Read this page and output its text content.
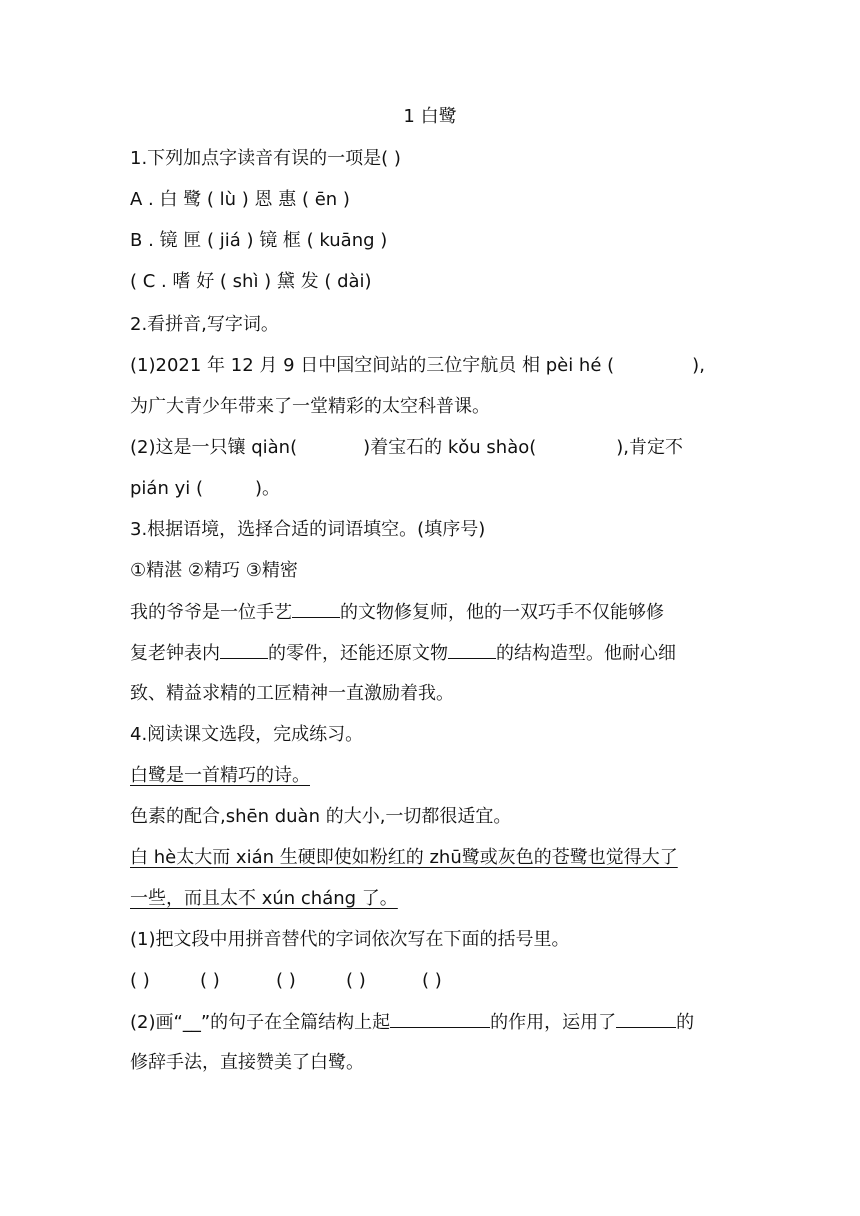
1 白鹭
1.下列加点字读音有误的一项是( )
A . 白 鹭 ( lù ) 恩 惠 ( ēn )
B . 镜 匣 ( jiá ) 镜 框 ( kuāng )
( C . 嗜 好 ( shì ) 黛 发 ( dài)
2.看拼音,写字词。
(1)2021 年 12 月 9 日中国空间站的三位宇航员 相 pèi hé (	),
为广大青少年带来了一堂精彩的太空科普课。
(2)这是一只镶 qiàn(	)着宝石的 kǒu shào(	),肯定不
pián yi (	)。
3.根据语境，选择合适的词语填空。(填序号)
①精湛 ②精巧 ③精密
我的爷爷是一位手艺	的文物修复师，他的一双巧手不仅能够修
复老钟表内	的零件，还能还原文物	的结构造型。他耐心细
致、精益求精的工匠精神一直激励着我。
4.阅读课文选段，完成练习。
白鹭是一首精巧的诗。
色素的配合,shēn duàn 的大小,一切都很适宜。
白 hè太大而 xián 生硬即使如粉红的 zhū鹭或灰色的苍鹭也觉得大了
一些，而且太不 xún cháng 了。
(1)把文段中用拼音替代的字词依次写在下面的括号里。
( )	( )	( )	( )	( )
(2)画“__”的句子在全篇结构上起	的作用，运用了	的
修辞手法，直接赞美了白鹭。
